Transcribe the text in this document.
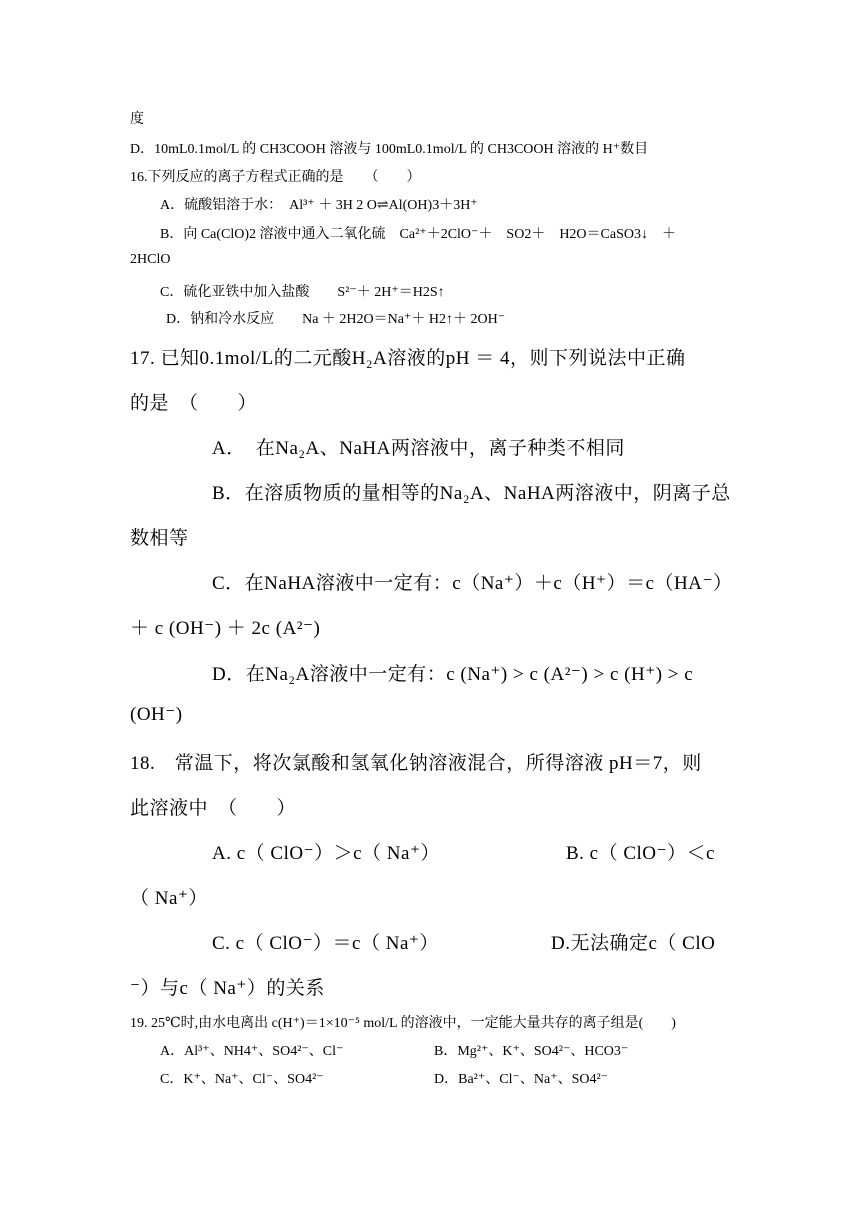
度
D．10mL0.1mol/L 的 CH3COOH 溶液与 100mL0.1mol/L 的 CH3COOH 溶液的 H⁺数目
16.下列反应的离子方程式正确的是　　（　　）
A．硫酸铝溶于水：　Al³⁺ ＋ 3H 2 O⇌Al(OH)3＋3H⁺
B．向 Ca(ClO)2 溶液中通入二氧化硫　Ca²⁺＋2ClO⁻＋　SO2＋　H2O＝CaSO3↓　＋
2HClO
C．硫化亚铁中加入盐酸　　S²⁻＋ 2H⁺＝H2S↑
D．钠和冷水反应　　Na ＋ 2H2O＝Na⁺＋ H2↑＋ 2OH⁻
17. 已知0.1mol/L的二元酸H₂A溶液的pH ＝ 4，则下列说法中正确
的是　（　　）
A．　在Na₂A、NaHA两溶液中，离子种类不相同
B．在溶质物质的量相等的Na₂A、NaHA两溶液中，阴离子总
数相等
C．在NaHA溶液中一定有：c（Na⁺）＋c（H⁺）＝c（HA⁻）
＋ c (OH⁻) ＋ 2c (A²⁻)
D．在Na₂A溶液中一定有：c (Na⁺) > c (A²⁻) > c (H⁺) > c
(OH⁻)
18.　常温下，将次氯酸和氢氧化钠溶液混合，所得溶液 pH＝7，则
此溶液中　（　　）
A. c（ ClO⁻）＞c（ Na⁺）	B. c（ ClO⁻）＜c
（ Na⁺）
C. c（ ClO⁻）＝c（ Na⁺）	D.无法确定c（ ClO
⁻）与c（ Na⁺）的关系
19. 25℃时,由水电离出 c(H⁺)＝1×10⁻⁵ mol/L 的溶液中，一定能大量共存的离子组是(　　)
A．Al³⁺、NH4⁺、SO4²⁻、Cl⁻	B．Mg²⁺、K⁺、SO4²⁻、HCO3⁻
C．K⁺、Na⁺、Cl⁻、SO4²⁻	D．Ba²⁺、Cl⁻、Na⁺、SO4²⁻
